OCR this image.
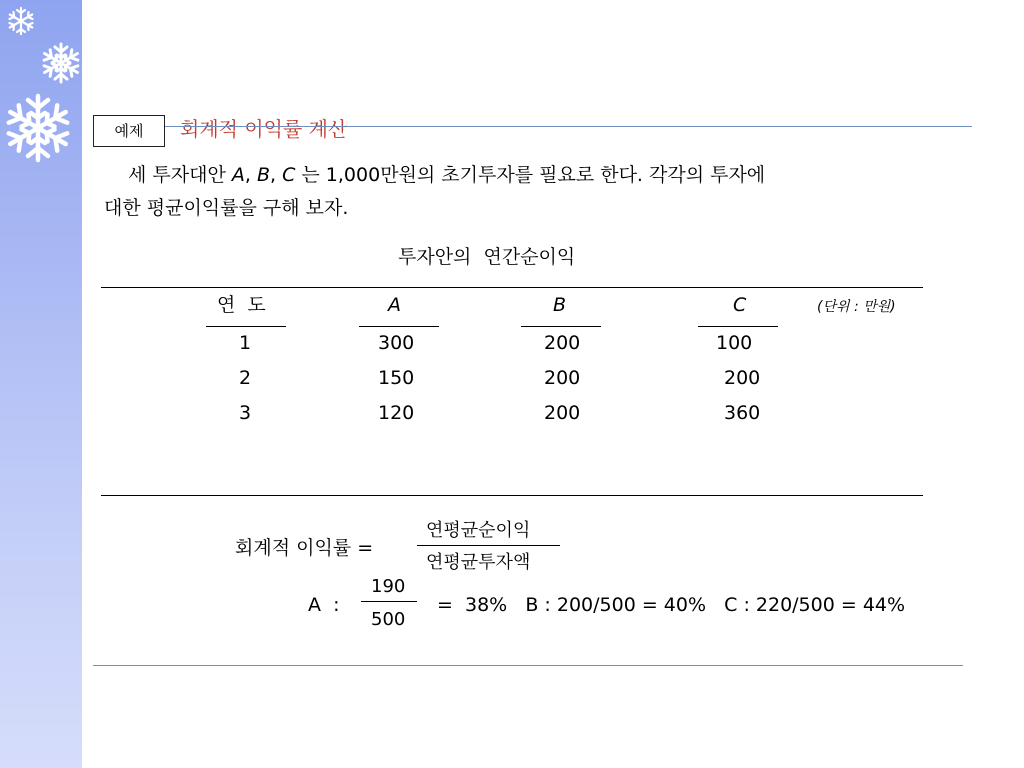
예제	회계적 이익률 계산
세 투자대안 A, B, C 는 1,000만원의 초기투자를 필요로 한다. 각각의 투자에
대한 평균이익률을 구해 보자.
투자안의  연간순이익
연  도	A	B	C	(단위 : 만원)
1	300	200	100
2	150	200	200
3	120	200	360
회계적 이익률 =
연평균순이익
연평균투자액
A  :
190
500
=  38%   B : 200/500 = 40%   C : 220/500 = 44%
